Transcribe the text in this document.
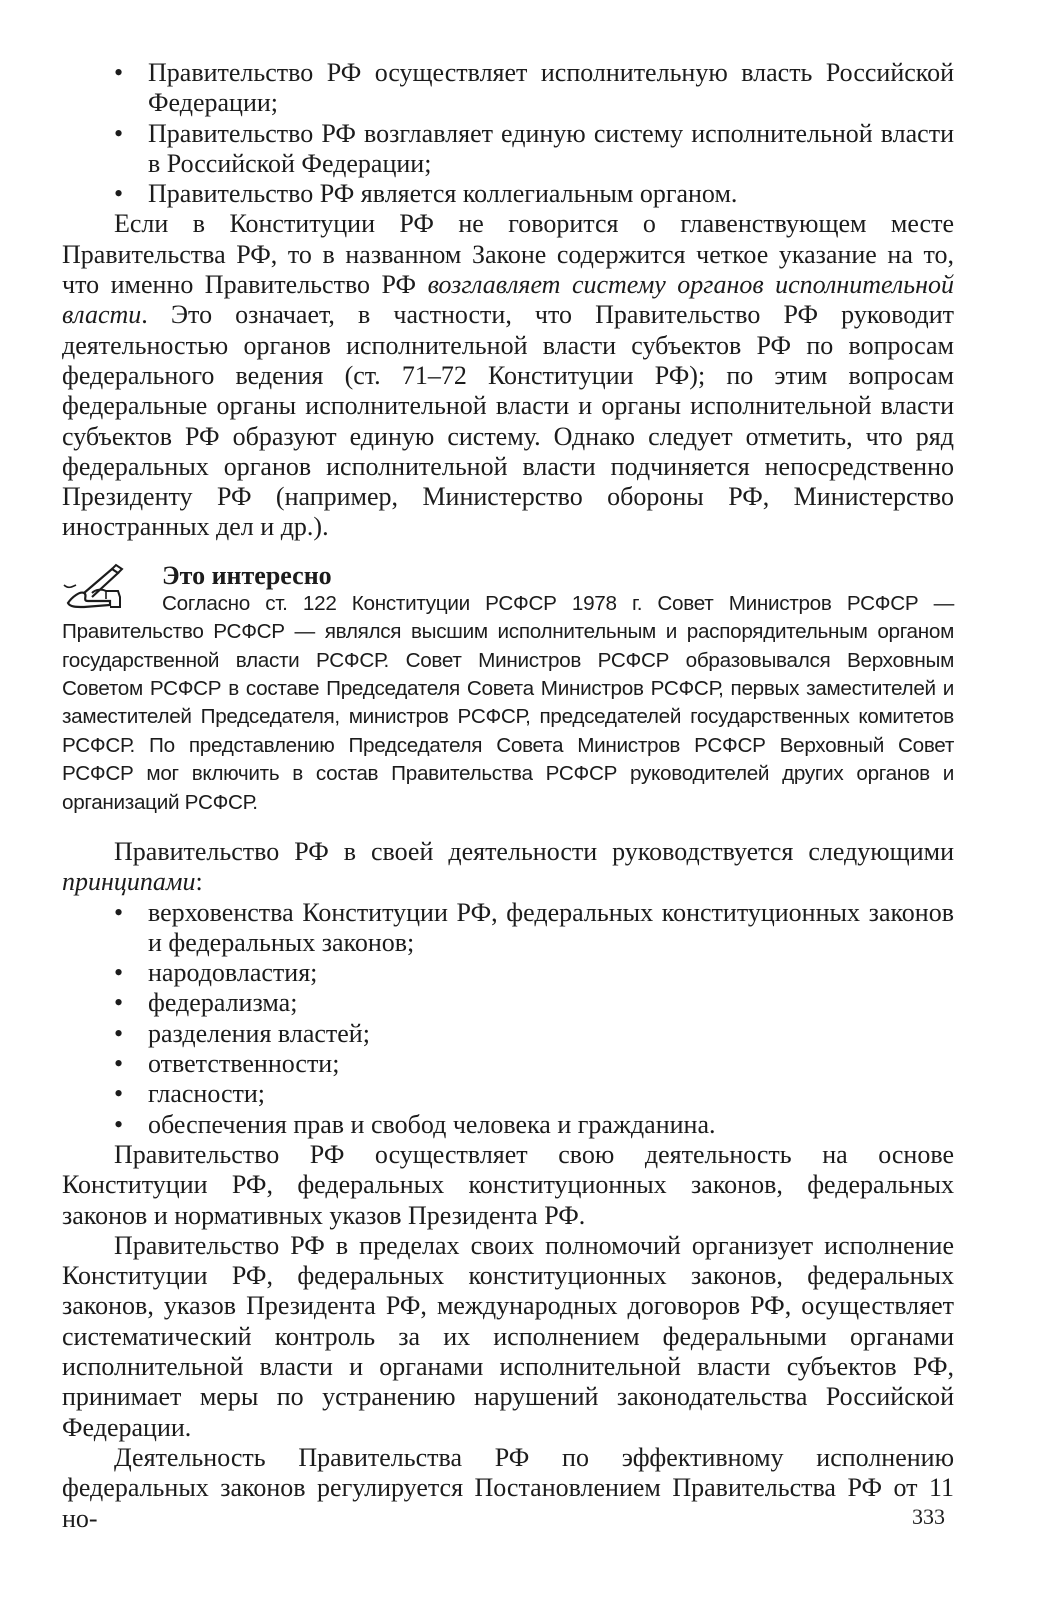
• Правительство РФ осуществляет исполнительную власть Российской Федерации;
• Правительство РФ возглавляет единую систему исполнительной власти в Российской Федерации;
• Правительство РФ является коллегиальным органом.

Если в Конституции РФ не говорится о главенствующем месте Правительства РФ, то в названном Законе содержится четкое указание на то, что именно Правительство РФ возглавляет систему органов исполнительной власти. Это означает, в частности, что Правительство РФ руководит деятельностью органов исполнительной власти субъектов РФ по вопросам федерального ведения (ст. 71–72 Конституции РФ); по этим вопросам федеральные органы исполнительной власти и органы исполнительной власти субъектов РФ образуют единую систему. Однако следует отметить, что ряд федеральных органов исполнительной власти подчиняется непосредственно Президенту РФ (например, Министерство обороны РФ, Министерство иностранных дел и др.).

Это интересно

Согласно ст. 122 Конституции РСФСР 1978 г. Совет Министров РСФСР — Правительство РСФСР — являлся высшим исполнительным и распорядительным органом государственной власти РСФСР. Совет Министров РСФСР образовывался Верховным Советом РСФСР в составе Председателя Совета Министров РСФСР, первых заместителей и заместителей Председателя, министров РСФСР, председателей государственных комитетов РСФСР. По представлению Председателя Совета Министров РСФСР Верховный Совет РСФСР мог включить в состав Правительства РСФСР руководителей других органов и организаций РСФСР.

Правительство РФ в своей деятельности руководствуется следующими принципами:

• верховенства Конституции РФ, федеральных конституционных законов и федеральных законов;
• народовластия;
• федерализма;
• разделения властей;
• ответственности;
• гласности;
• обеспечения прав и свобод человека и гражданина.

Правительство РФ осуществляет свою деятельность на основе Конституции РФ, федеральных конституционных законов, федеральных законов и нормативных указов Президента РФ.

Правительство РФ в пределах своих полномочий организует исполнение Конституции РФ, федеральных конституционных законов, федеральных законов, указов Президента РФ, международных договоров РФ, осуществляет систематический контроль за их исполнением федеральными органами исполнительной власти и органами исполнительной власти субъектов РФ, принимает меры по устранению нарушений законодательства Российской Федерации.

Деятельность Правительства РФ по эффективному исполнению федеральных законов регулируется Постановлением Правительства РФ от 11 но-	333
